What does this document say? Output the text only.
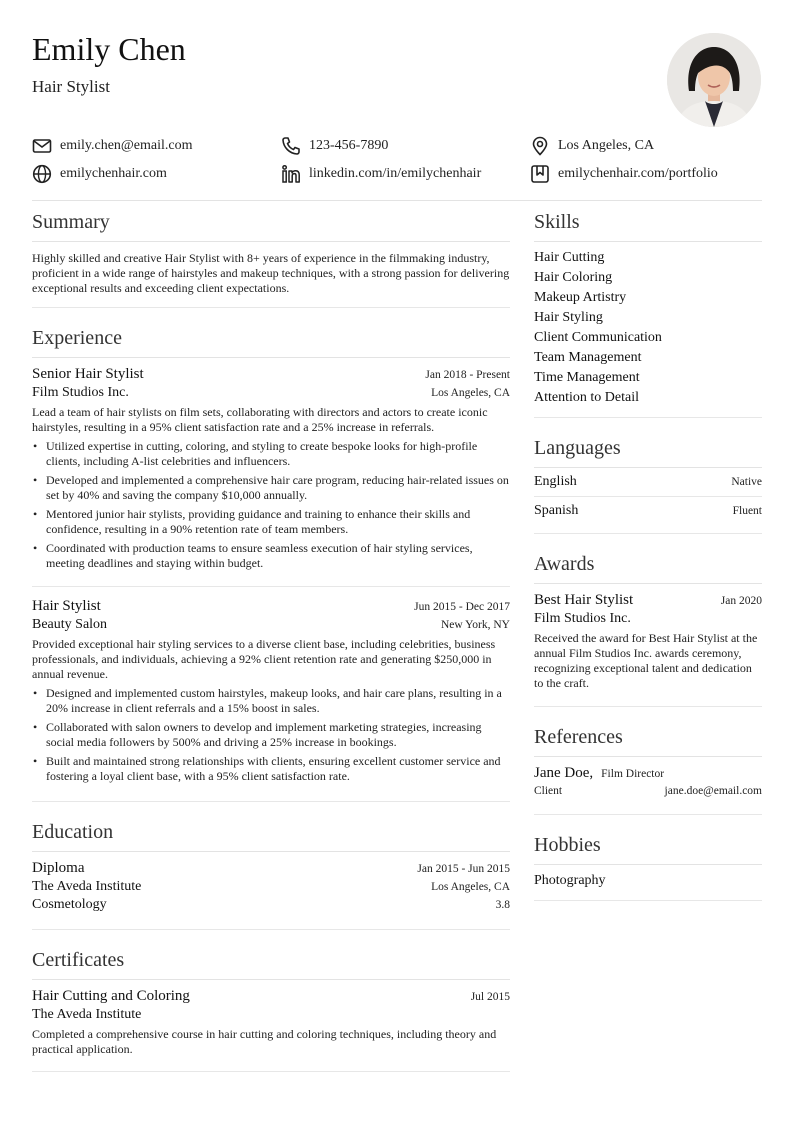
Emily Chen
Hair Stylist
emily.chen@email.com	123-456-7890	Los Angeles, CA
emilychenhair.com	linkedin.com/in/emilychenhair	emilychenhair.com/portfolio
Summary
Highly skilled and creative Hair Stylist with 8+ years of experience in the filmmaking industry, proficient in a wide range of hairstyles and makeup techniques, with a strong passion for delivering exceptional results and exceeding client expectations.
Experience
Senior Hair Stylist	Jan 2018 - Present
Film Studios Inc.	Los Angeles, CA
Lead a team of hair stylists on film sets, collaborating with directors and actors to create iconic hairstyles, resulting in a 95% client satisfaction rate and a 25% increase in referrals.
• Utilized expertise in cutting, coloring, and styling to create bespoke looks for high-profile clients, including A-list celebrities and influencers.
• Developed and implemented a comprehensive hair care program, reducing hair-related issues on set by 40% and saving the company $10,000 annually.
• Mentored junior hair stylists, providing guidance and training to enhance their skills and confidence, resulting in a 90% retention rate of team members.
• Coordinated with production teams to ensure seamless execution of hair styling services, meeting deadlines and staying within budget.
Hair Stylist	Jun 2015 - Dec 2017
Beauty Salon	New York, NY
Provided exceptional hair styling services to a diverse client base, including celebrities, business professionals, and individuals, achieving a 92% client retention rate and generating $250,000 in annual revenue.
• Designed and implemented custom hairstyles, makeup looks, and hair care plans, resulting in a 20% increase in client referrals and a 15% boost in sales.
• Collaborated with salon owners to develop and implement marketing strategies, increasing social media followers by 500% and driving a 25% increase in bookings.
• Built and maintained strong relationships with clients, ensuring excellent customer service and fostering a loyal client base, with a 95% client satisfaction rate.
Education
Diploma	Jan 2015 - Jun 2015
The Aveda Institute	Los Angeles, CA
Cosmetology	3.8
Certificates
Hair Cutting and Coloring	Jul 2015
The Aveda Institute
Completed a comprehensive course in hair cutting and coloring techniques, including theory and practical application.
Skills
Hair Cutting
Hair Coloring
Makeup Artistry
Hair Styling
Client Communication
Team Management
Time Management
Attention to Detail
Languages
English	Native
Spanish	Fluent
Awards
Best Hair Stylist	Jan 2020
Film Studios Inc.
Received the award for Best Hair Stylist at the annual Film Studios Inc. awards ceremony, recognizing exceptional talent and dedication to the craft.
References
Jane Doe, Film Director
Client	jane.doe@email.com
Hobbies
Photography
